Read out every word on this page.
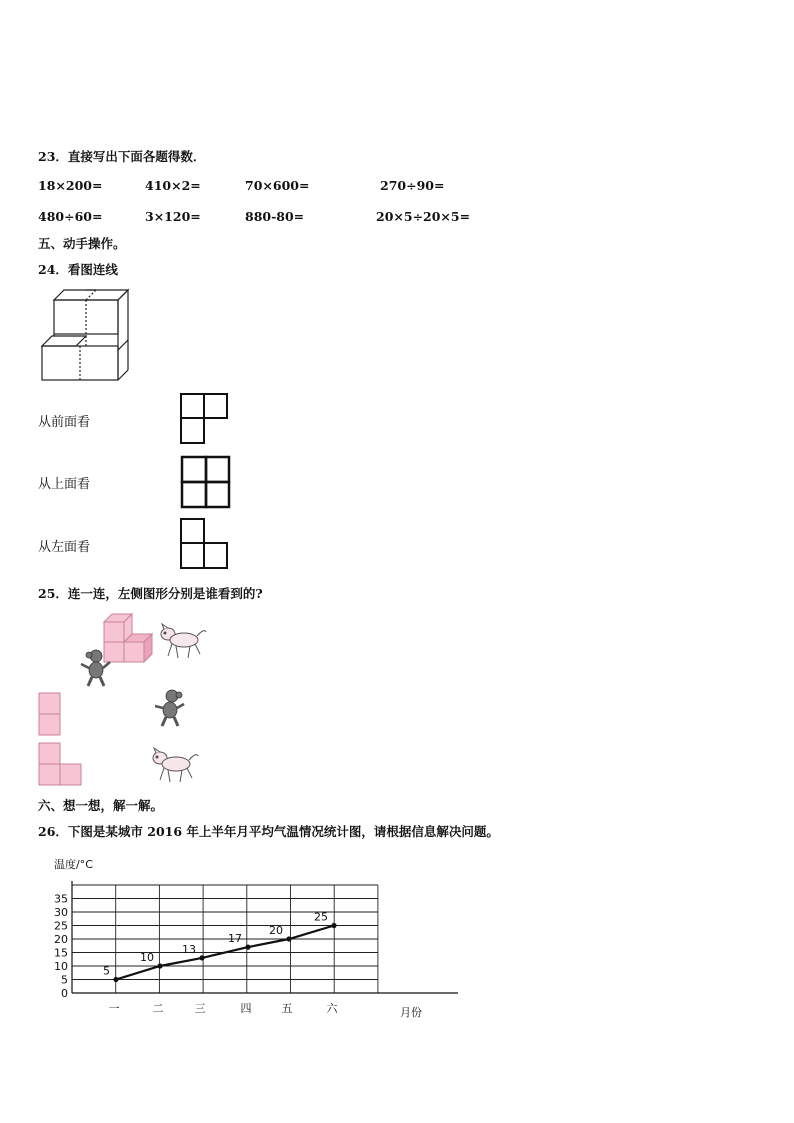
23．直接写出下面各题得数．
18×200=	410×2=	70×600=	270÷90=
480÷60=	3×120=	880-80=	20×5÷20×5=
五、动手操作。
24．看图连线
从前面看
从上面看
从左面看
25．连一连，左侧图形分别是谁看到的?
六、想一想，解一解。
26．下图是某城市 2016 年上半年月平均气温情况统计图，请根据信息解决问题。
温度/°C
月份
0
5
10
15
20
25
30
35
一	二	三	四	五	六
5
10
13
17
20
25
